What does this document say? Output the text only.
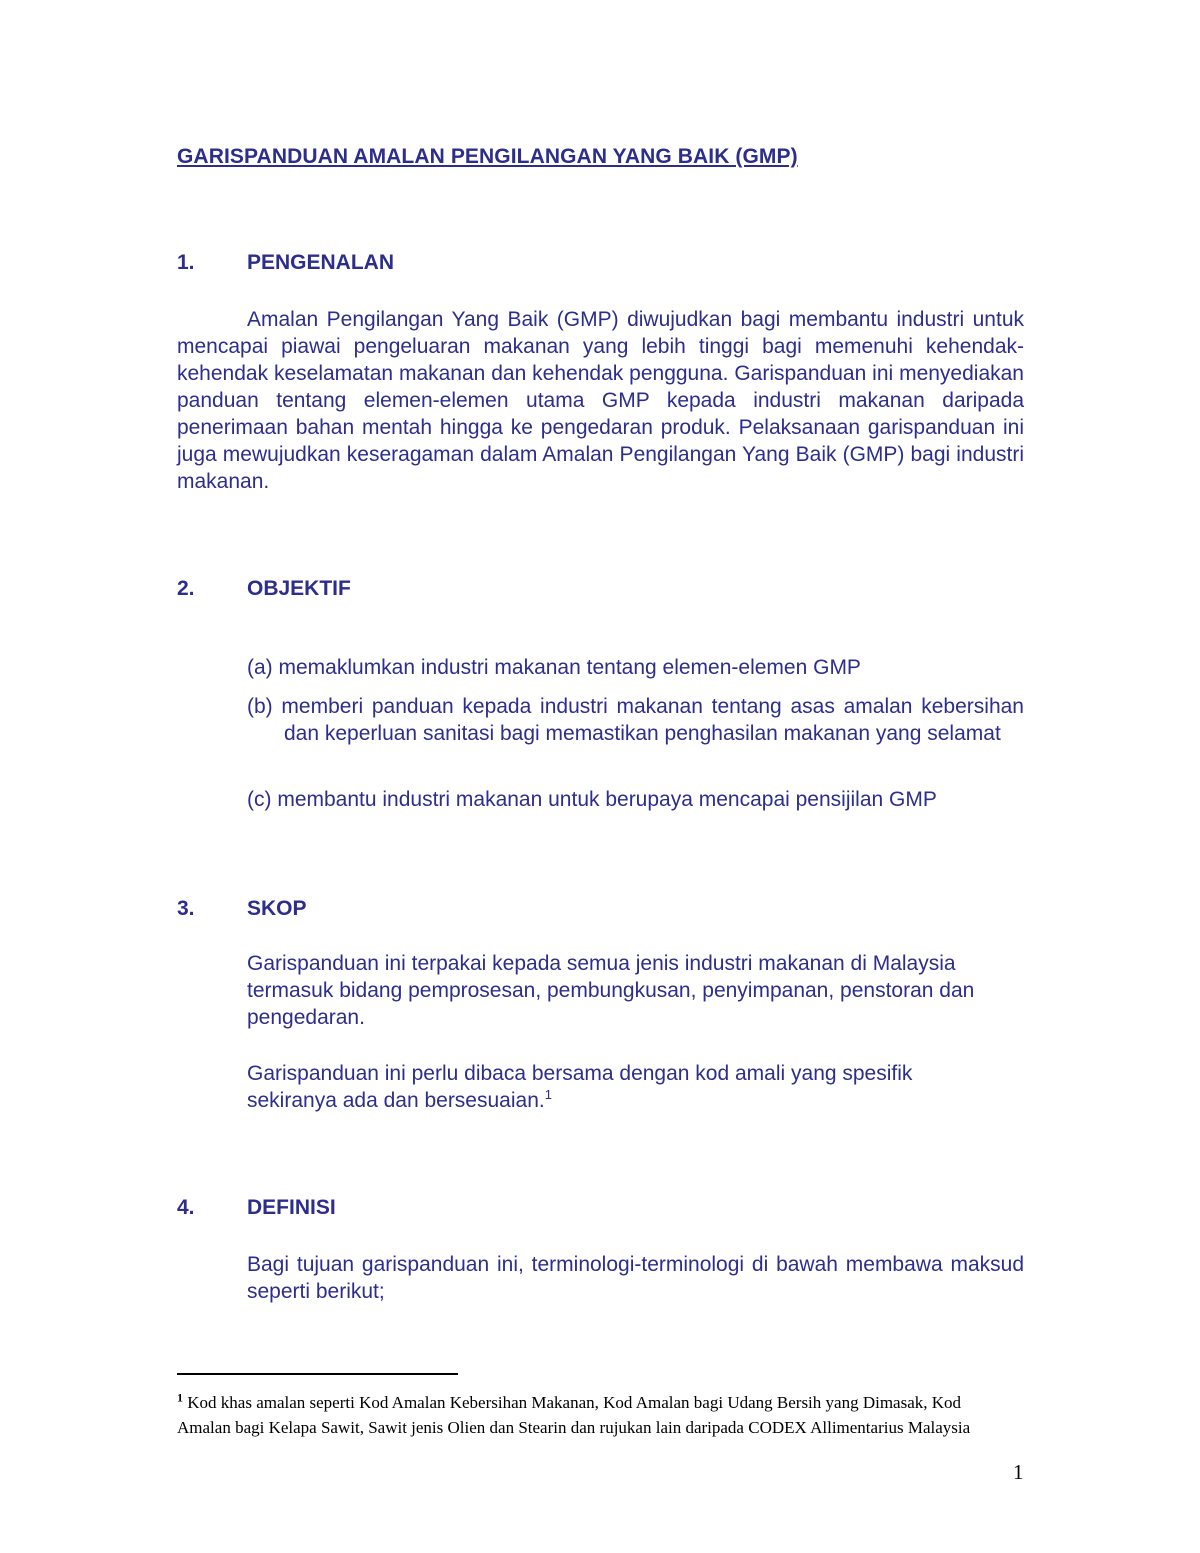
GARISPANDUAN AMALAN PENGILANGAN YANG BAIK (GMP)
1. PENGENALAN
Amalan Pengilangan Yang Baik (GMP) diwujudkan bagi membantu industri untuk mencapai piawai pengeluaran makanan yang lebih tinggi bagi memenuhi kehendak-kehendak keselamatan makanan dan kehendak pengguna. Garispanduan ini menyediakan panduan tentang elemen-elemen utama GMP kepada industri makanan daripada penerimaan bahan mentah hingga ke pengedaran produk. Pelaksanaan garispanduan ini juga mewujudkan keseragaman dalam Amalan Pengilangan Yang Baik (GMP) bagi industri makanan.
2. OBJEKTIF
(a) memaklumkan industri makanan tentang elemen-elemen GMP
(b) memberi panduan kepada industri makanan tentang asas amalan kebersihan dan keperluan sanitasi bagi memastikan penghasilan makanan yang selamat
(c) membantu industri makanan untuk berupaya mencapai pensijilan GMP
3. SKOP
Garispanduan ini terpakai kepada semua jenis industri makanan di Malaysia termasuk bidang pemprosesan, pembungkusan, penyimpanan, penstoran dan pengedaran.
Garispanduan ini perlu dibaca bersama dengan kod amali yang spesifik sekiranya ada dan bersesuaian.$^1$
4. DEFINISI
Bagi tujuan garispanduan ini, terminologi-terminologi di bawah membawa maksud seperti berikut;
$^1$ Kod khas amalan seperti Kod Amalan Kebersihan Makanan, Kod Amalan bagi Udang Bersih yang Dimasak, Kod Amalan bagi Kelapa Sawit, Sawit jenis Olien dan Stearin dan rujukan lain daripada CODEX Allimentarius Malaysia
1
